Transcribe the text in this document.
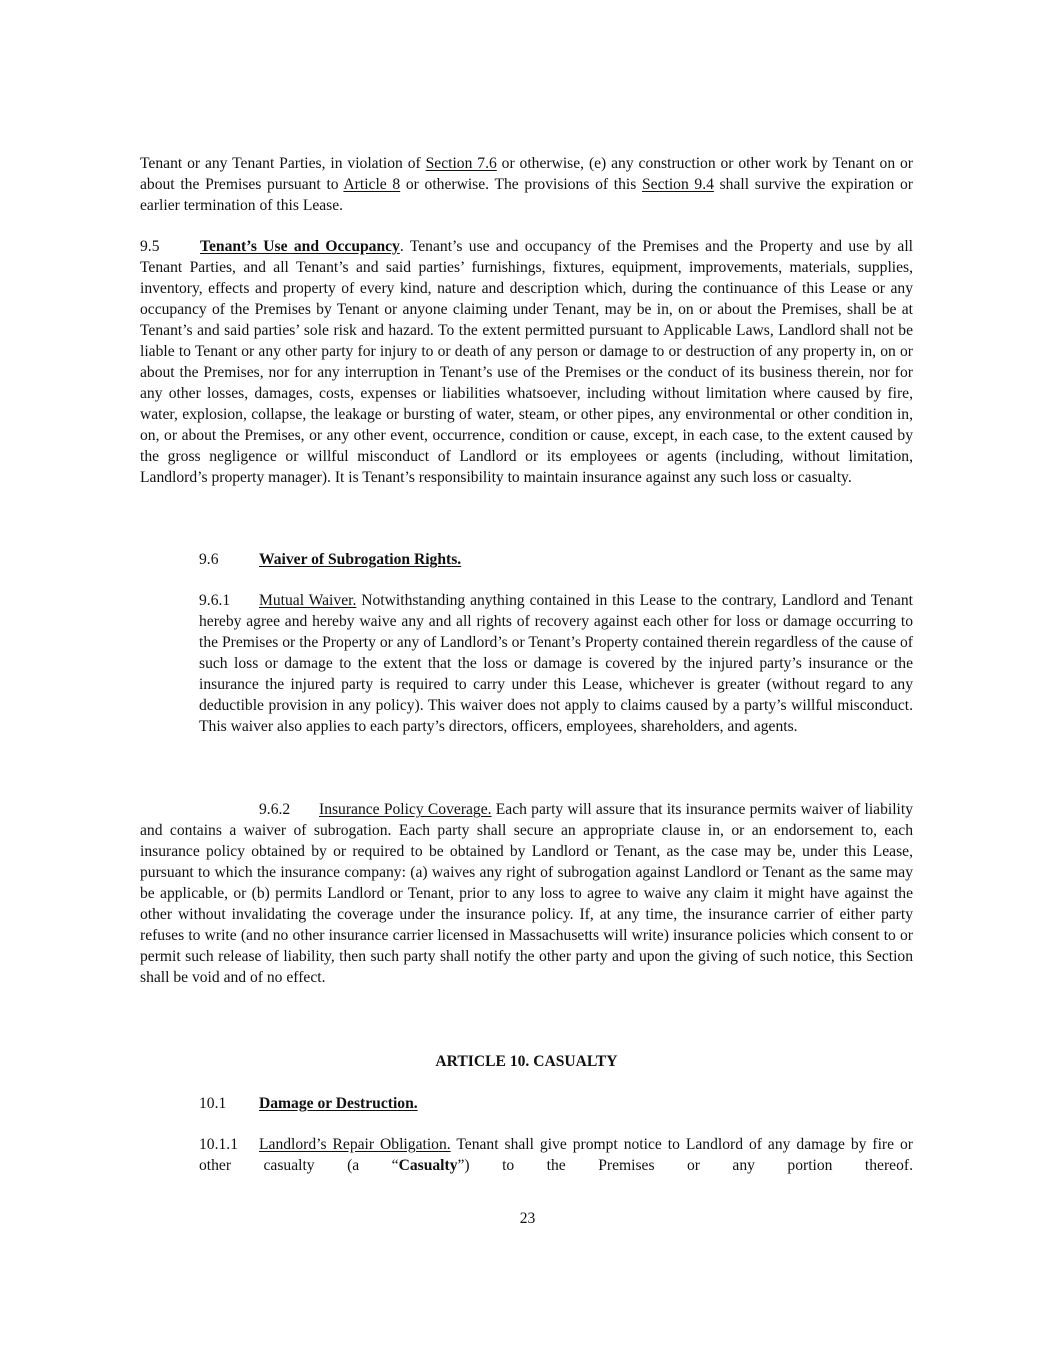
Tenant or any Tenant Parties, in violation of Section 7.6 or otherwise, (e) any construction or other work by Tenant on or about the Premises pursuant to Article 8 or otherwise. The provisions of this Section 9.4 shall survive the expiration or earlier termination of this Lease.

9.5	Tenant’s Use and Occupancy. Tenant’s use and occupancy of the Premises and the Property and use by all Tenant Parties, and all Tenant’s and said parties’ furnishings, fixtures, equipment, improvements, materials, supplies, inventory, effects and property of every kind, nature and description which, during the continuance of this Lease or any occupancy of the Premises by Tenant or anyone claiming under Tenant, may be in, on or about the Premises, shall be at Tenant’s and said parties’ sole risk and hazard. To the extent permitted pursuant to Applicable Laws, Landlord shall not be liable to Tenant or any other party for injury to or death of any person or damage to or destruction of any property in, on or about the Premises, nor for any interruption in Tenant’s use of the Premises or the conduct of its business therein, nor for any other losses, damages, costs, expenses or liabilities whatsoever, including without limitation where caused by fire, water, explosion, collapse, the leakage or bursting of water, steam, or other pipes, any environmental or other condition in, on, or about the Premises, or any other event, occurrence, condition or cause, except, in each case, to the extent caused by the gross negligence or willful misconduct of Landlord or its employees or agents (including, without limitation, Landlord’s property manager). It is Tenant’s responsibility to maintain insurance against any such loss or casualty.

9.6	Waiver of Subrogation Rights.

9.6.1 Mutual Waiver. Notwithstanding anything contained in this Lease to the contrary, Landlord and Tenant hereby agree and hereby waive any and all rights of recovery against each other for loss or damage occurring to the Premises or the Property or any of Landlord’s or Tenant’s Property contained therein regardless of the cause of such loss or damage to the extent that the loss or damage is covered by the injured party’s insurance or the insurance the injured party is required to carry under this Lease, whichever is greater (without regard to any deductible provision in any policy). This waiver does not apply to claims caused by a party’s willful misconduct. This waiver also applies to each party’s directors, officers, employees, shareholders, and agents.

9.6.2 Insurance Policy Coverage. Each party will assure that its insurance permits waiver of liability and contains a waiver of subrogation. Each party shall secure an appropriate clause in, or an endorsement to, each insurance policy obtained by or required to be obtained by Landlord or Tenant, as the case may be, under this Lease, pursuant to which the insurance company: (a) waives any right of subrogation against Landlord or Tenant as the same may be applicable, or (b) permits Landlord or Tenant, prior to any loss to agree to waive any claim it might have against the other without invalidating the coverage under the insurance policy. If, at any time, the insurance carrier of either party refuses to write (and no other insurance carrier licensed in Massachusetts will write) insurance policies which consent to or permit such release of liability, then such party shall notify the other party and upon the giving of such notice, this Section shall be void and of no effect.

ARTICLE 10. CASUALTY

10.1 Damage or Destruction.

10.1.1 Landlord’s Repair Obligation. Tenant shall give prompt notice to Landlord of any damage by fire or other casualty (a “Casualty”) to the Premises or any portion thereof.

23
